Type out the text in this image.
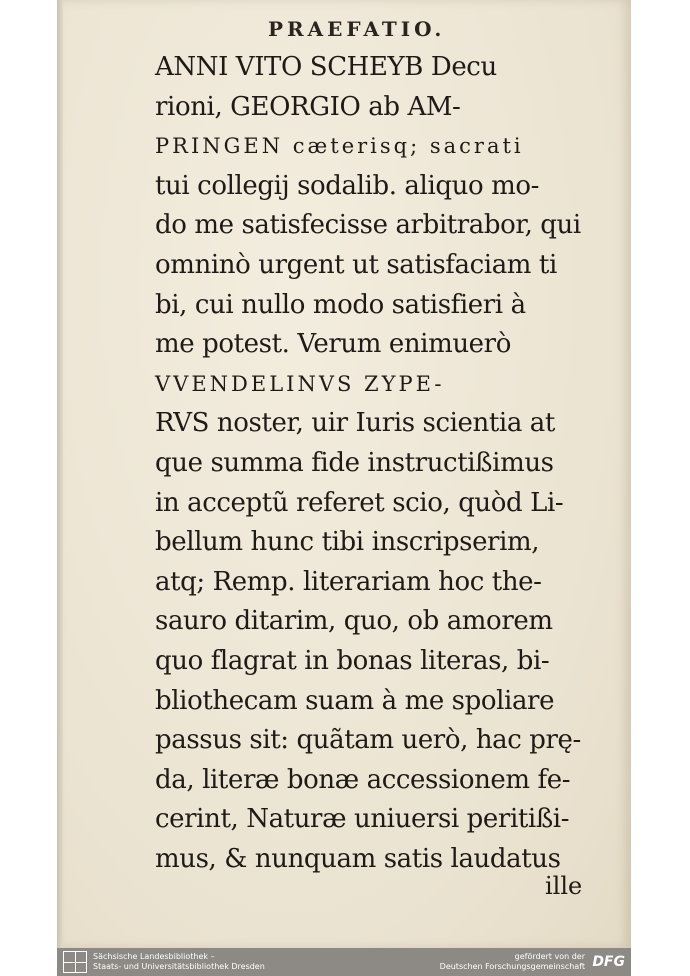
PRAEFATIO.
ANNI VITO SCHEYB Decu
rioni, GEORGIO ab AM-
PRINGEN cæterisq; sacrati
tui collegij sodalib. aliquo mo-
do me satisfecisse arbitrabor, qui
omninò urgent ut satisfaciam ti
bi, cui nullo modo satisfieri à
me potest. Verum enimuerò
VVENDELINVS ZYPE-
RVS noster, uir Iuris scientia at
que summa fide instructißimus
in acceptũ referet scio, quòd Li-
bellum hunc tibi inscripserim,
atq; Remp. literariam hoc the-
sauro ditarim, quo, ob amorem
quo flagrat in bonas literas, bi-
bliothecam suam à me spoliare
passus sit: quãtam uerò, hac prę-
da, literæ bonæ accessionem fe-
cerint, Naturæ uniuersi peritißi-
mus, & nunquam satis laudatus
ille
Sächsische Landesbibliothek –
Staats- und Universitätsbibliothek Dresden
gefördert von der
Deutschen Forschungsgemeinschaft DFG
